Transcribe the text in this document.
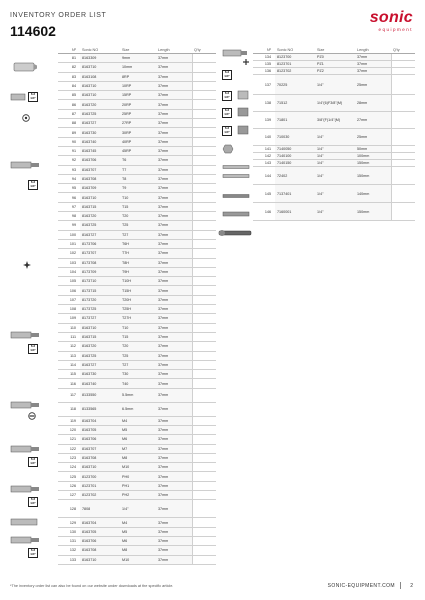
INVENTORY ORDER LIST
114602
sonic
equipment
Nº	Sonic NO	Size	Length	Q'ty
81	8163309	9mm	37mm	
82	8163710	10mm	37mm	
83	8163108	8RP	37mm	
84	8163710	10RP	37mm	
85	8163710	15RP	37mm	
86	8163720	20RP	37mm	
87	8163725	25RP	37mm	
88	8163727	27RP	37mm	
89	8163730	30RP	37mm	
90	8163740	40RP	37mm	
91	8163745	45RP	37mm	
92	8163706	T6	37mm	
93	8163707	T7	37mm	
94	8163708	T8	37mm	
95	8163709	T9	37mm	
96	8163710	T10	37mm	
97	8163715	T15	37mm	
98	8163720	T20	37mm	
99	8163725	T25	37mm	
100	8163727	T27	37mm	
101	8173706	T6H	37mm	
102	8173707	T7H	37mm	
103	8173708	T8H	37mm	
104	8173709	T9H	37mm	
105	8173710	T10H	37mm	
106	8173715	T15H	37mm	
107	8173720	T20H	37mm	
108	8173725	T25H	37mm	
109	8173727	T27H	37mm	
110	8163710	T10	37mm	
111	8163715	T15	37mm	
112	8163720	T20	37mm	
113	8163725	T25	37mm	
114	8163727	T27	37mm	
115	8163730	T30	37mm	
116	8163740	T40	37mm	
117	8133550	5.5mm	37mm	
118	8133565	6.5mm	37mm	
119	8163704	M4	37mm	
120	8163705	M5	37mm	
121	8163706	M6	37mm	
122	8163707	M7	37mm	
123	8163708	M8	37mm	
124	8163710	M10	37mm	
125	8123700	PH0	37mm	
126	8123701	PH1	37mm	
127	8123702	PH2	37mm	
128	7808	1/4"	37mm	
129	8163704	M4	37mm	
130	8163705	M5	37mm	
131	8163706	M6	37mm	
132	8163708	M8	37mm	
133	8163710	M10	37mm	
Nº	Sonic NO	Size	Length	Q'ty
134	8123700	PZ0	37mm	
135	8123701	PZ1	37mm	
136	8123702	PZ2	37mm	
137	70225	1/4"	25mm	
138	71512	1/4"(6)F3/8"(M)	28mm	
139	71801	3/8"(F)1/4"(M)	27mm	
140	710030	1/4"	25mm	
141	7140050	1/4"	50mm	
142	7140100	1/4"	100mm	
143	7140150	1/4"	150mm	
144	72402	1/4"	150mm	
145	7137401	1/4"	140mm	
146	7160001	1/4"	150mm	
6.3
1/4"
6.3
1/4"
6.3
1/4"
6.3
1/4"
6.3
1/4"
6.3
1/4"
6.3
1/4"
6.3
1/4"
6.3
1/4"
6.3
1/4"
*The inventory order list can also be found on our website under downloads at the specific article.	SONIC-EQUIPMENT.COM	2
